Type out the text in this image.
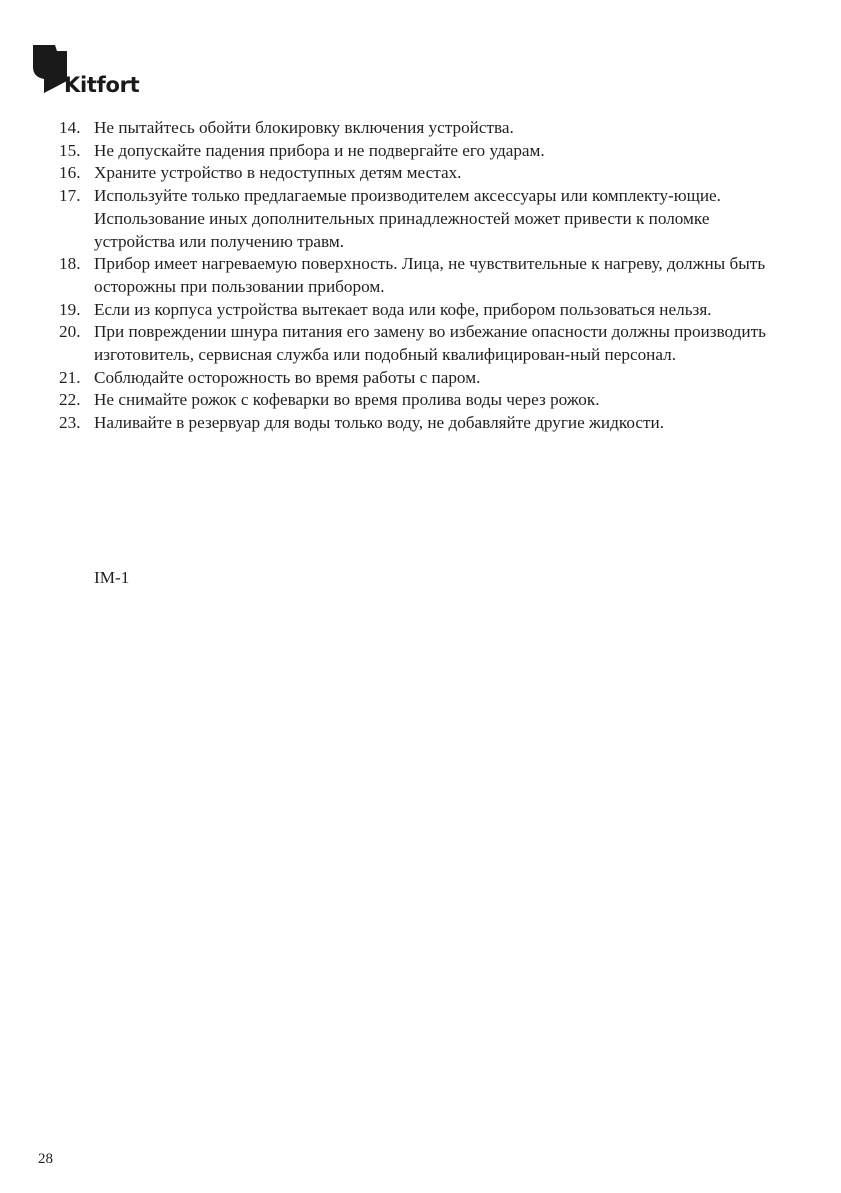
Kitfort
14. Не пытайтесь обойти блокировку включения устройства.
15. Не допускайте падения прибора и не подвергайте его ударам.
16. Храните устройство в недоступных детям местах.
17. Используйте только предлагаемые производителем аксессуары или комплекту-ющие. Использование иных дополнительных принадлежностей может привести к поломке устройства или получению травм.
18. Прибор имеет нагреваемую поверхность. Лица, не чувствительные к нагреву, должны быть осторожны при пользовании прибором.
19. Если из корпуса устройства вытекает вода или кофе, прибором пользоваться нельзя.
20. При повреждении шнура питания его замену во избежание опасности должны производить изготовитель, сервисная служба или подобный квалифицирован-ный персонал.
21. Соблюдайте осторожность во время работы с паром.
22. Не снимайте рожок с кофеварки во время пролива воды через рожок.
23. Наливайте в резервуар для воды только воду, не добавляйте другие жидкости.
IM-1
28
